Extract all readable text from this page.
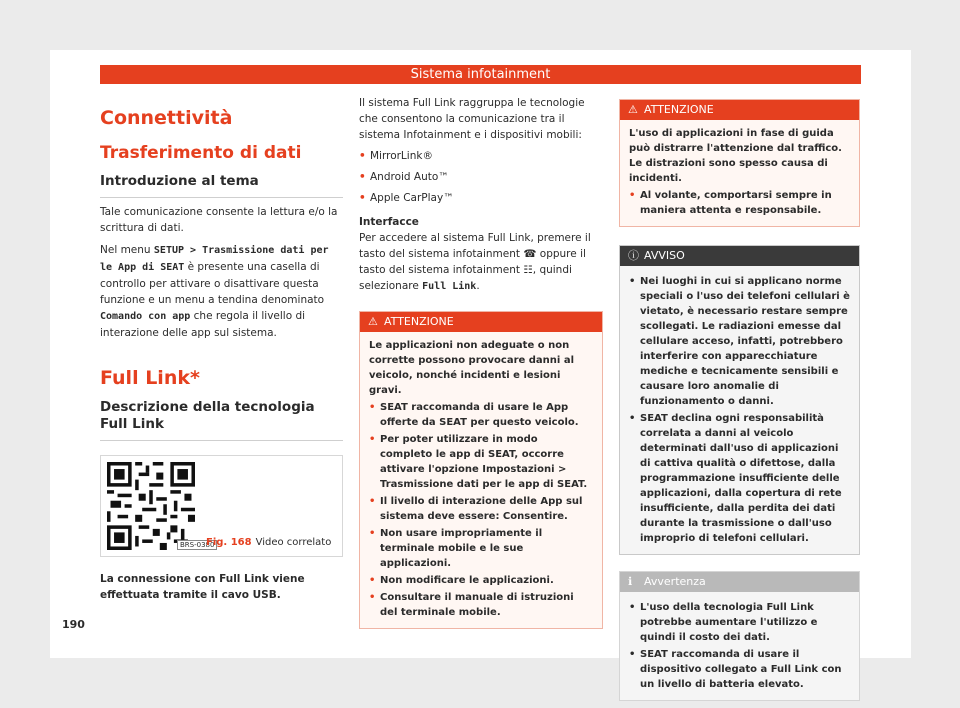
Sistema infotainment
Connettività
Trasferimento di dati
Introduzione al tema

Tale comunicazione consente la lettura e/o la scrittura di dati.

Nel menu SETUP > Trasmissione dati per le App di SEAT è presente una casella di controllo per attivare o disattivare questa funzione e un menu a tendina denominato Comando con app che regola il livello di interazione delle app sul sistema.

Full Link*
Descrizione della tecnologia Full Link
BRS-0380
Fig. 168 Video correlato

La connessione con Full Link viene effettuata tramite il cavo USB.

Il sistema Full Link raggruppa le tecnologie che consentono la comunicazione tra il sistema Infotainment e i dispositivi mobili:

• MirrorLink®
• Android Auto™
• Apple CarPlay™

Interfacce

Per accedere al sistema Full Link, premere il tasto del sistema infotainment ☎ oppure il tasto del sistema infotainment ☷, quindi selezionare Full Link.

⚠ ATTENZIONE

Le applicazioni non adeguate o non corrette possono provocare danni al veicolo, nonché incidenti e lesioni gravi.

• SEAT raccomanda di usare le App offerte da SEAT per questo veicolo.
• Per poter utilizzare in modo completo le app di SEAT, occorre attivare l'opzione Impostazioni > Trasmissione dati per le app di SEAT.
• Il livello di interazione delle App sul sistema deve essere: Consentire.
• Non usare impropriamente il terminale mobile e le sue applicazioni.
• Non modificare le applicazioni.
• Consultare il manuale di istruzioni del terminale mobile.
⚠ ATTENZIONE

L'uso di applicazioni in fase di guida può distrarre l'attenzione dal traffico. Le distrazioni sono spesso causa di incidenti.

• Al volante, comportarsi sempre in maniera attenta e responsabile.
ⓘ AVVISO
• Nei luoghi in cui si applicano norme speciali o l'uso dei telefoni cellulari è vietato, è necessario restare sempre scollegati. Le radiazioni emesse dal cellulare acceso, infatti, potrebbero interferire con apparecchiature mediche e tecnicamente sensibili e causare loro anomalie di funzionamento o danni.
• SEAT declina ogni responsabilità correlata a danni al veicolo determinati dall'uso di applicazioni di cattiva qualità o difettose, dalla programmazione insufficiente delle applicazioni, dalla copertura di rete insufficiente, dalla perdita dei dati durante la trasmissione o dall'uso improprio di telefoni cellulari.
ℹ Avvertenza
• L'uso della tecnologia Full Link potrebbe aumentare l'utilizzo e quindi il costo dei dati.
• SEAT raccomanda di usare il dispositivo collegato a Full Link con un livello di batteria elevato.
190
